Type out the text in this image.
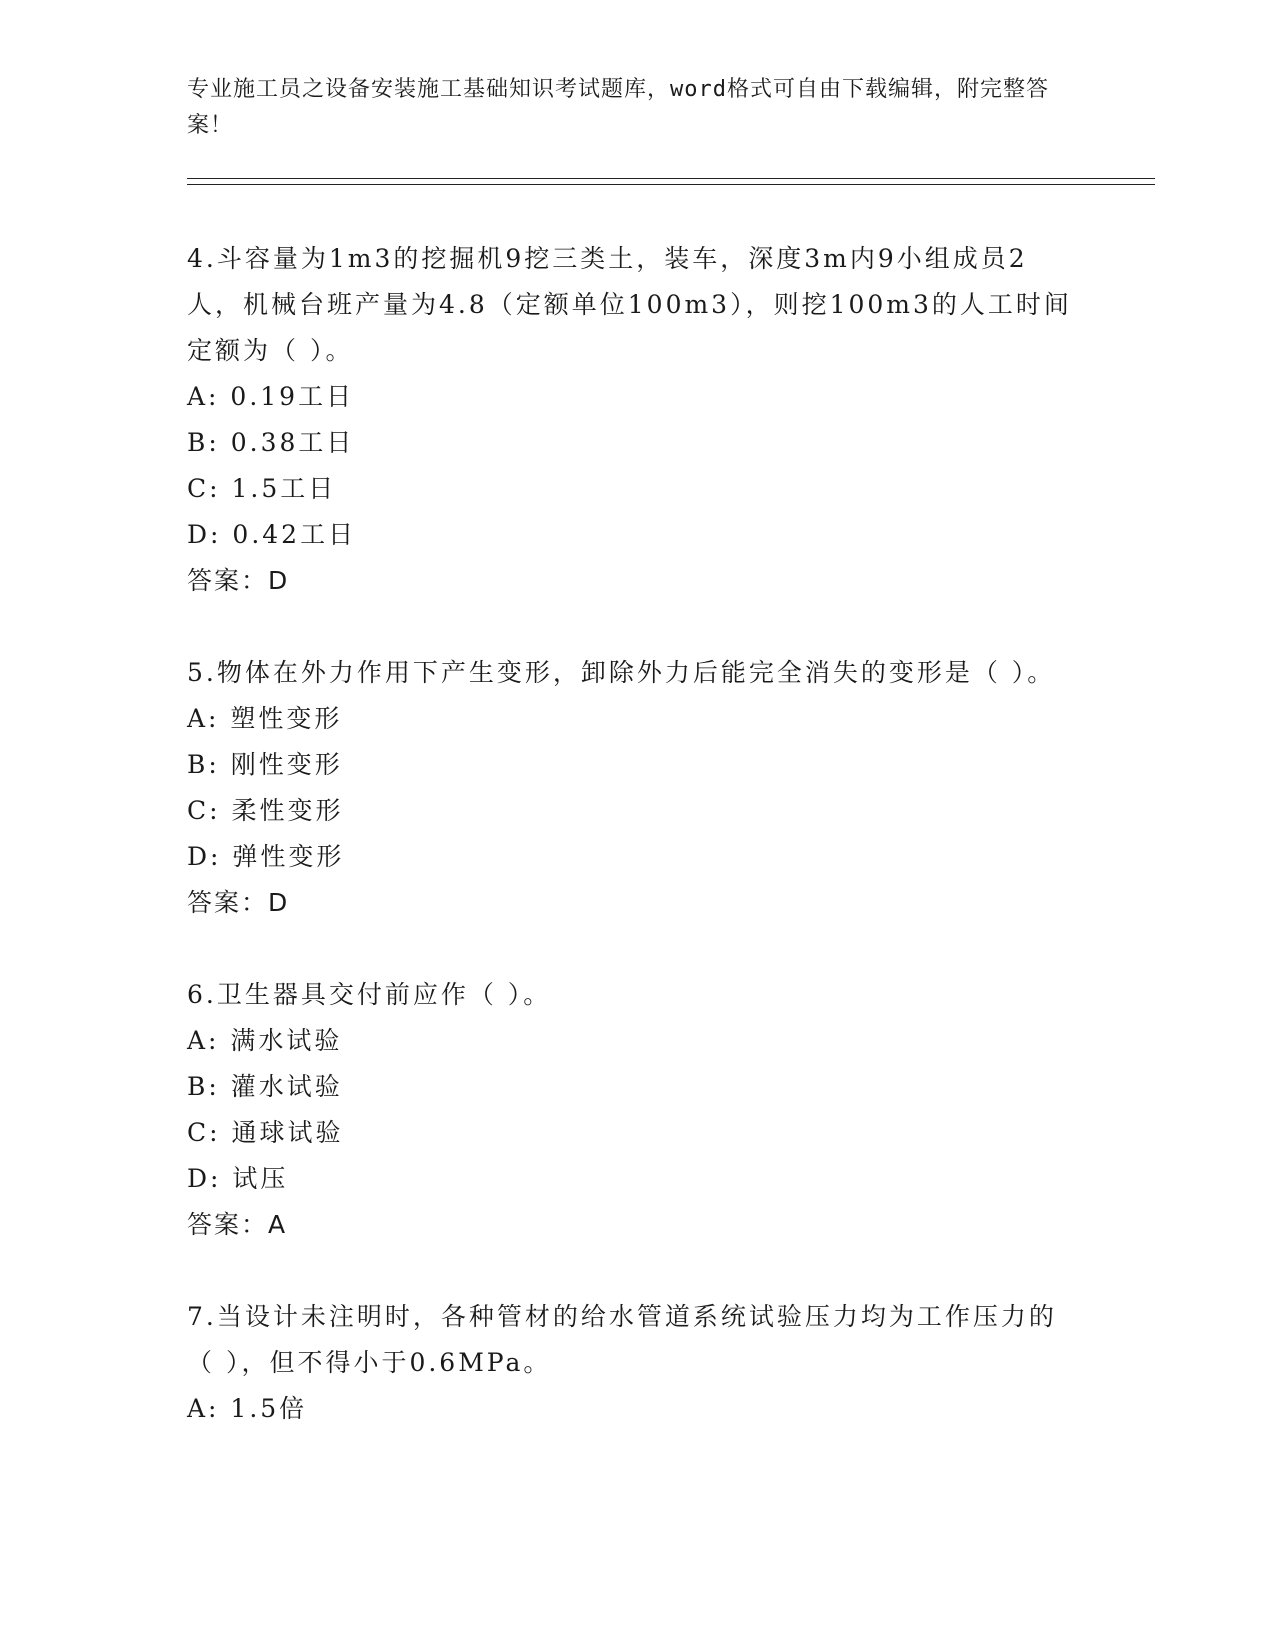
专业施工员之设备安装施工基础知识考试题库，word格式可自由下载编辑，附完整答案！

4.斗容量为1m3的挖掘机9挖三类土，装车，深度3m内9小组成员2人，机械台班产量为4.8（定额单位100m3），则挖100m3的人工时间定额为（ ）。

A: 0.19工日

B: 0.38工日

C: 1.5工日

D: 0.42工日

答案：D

5.物体在外力作用下产生变形，卸除外力后能完全消失的变形是（ ）。

A: 塑性变形

B: 刚性变形

C: 柔性变形

D: 弹性变形

答案：D

6.卫生器具交付前应作（ ）。

A: 满水试验

B: 灌水试验

C: 通球试验

D: 试压

答案：A

7.当设计未注明时，各种管材的给水管道系统试验压力均为工作压力的（ ），但不得小于0.6MPa。

A: 1.5倍
